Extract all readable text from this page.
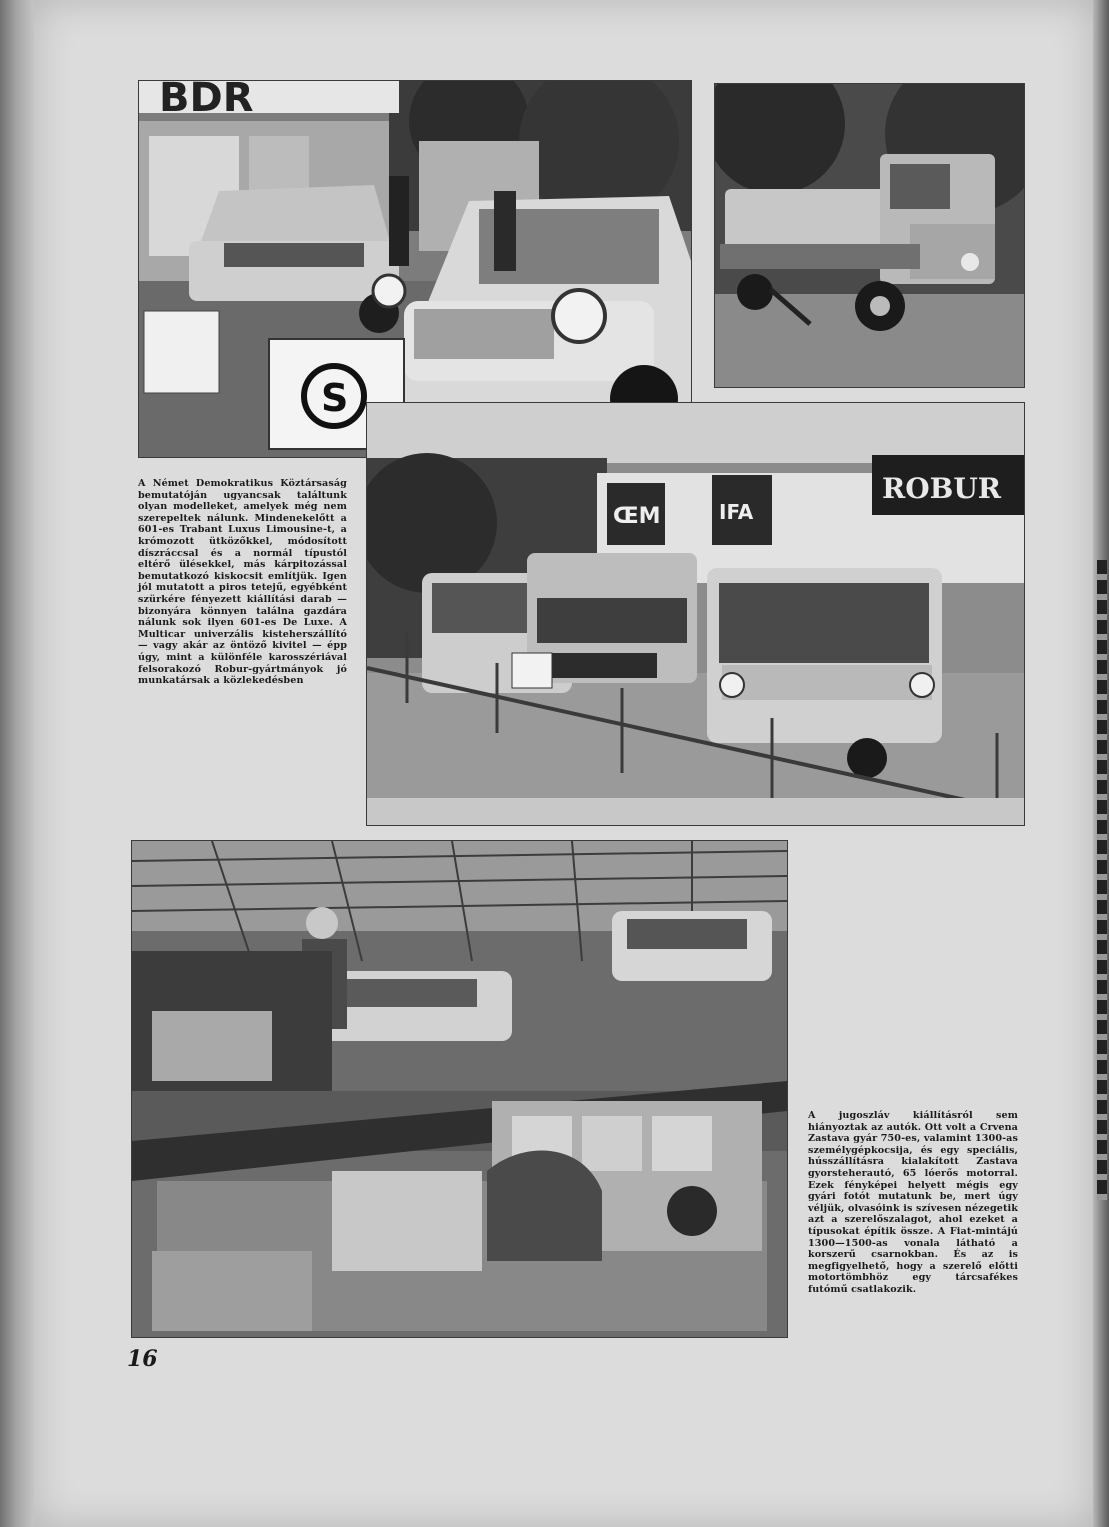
BDR
S
ŒM	IFA
ROBUR
A Német Demokratikus Köztársaság bemutatóján ugyancsak találtunk olyan modelleket, amelyek még nem szerepeltek nálunk. Mindenekelőtt a 601-es Trabant Luxus Limousine-t, a krómozott ütközőkkel, módosított díszráccsal és a normál típustól eltérő ülésekkel, más kárpitozással bemutatkozó kiskocsit említjük. Igen jól mutatott a piros tetejű, egyébként szürkére fényezett kiállítási darab — bizonyára könnyen találna gazdára nálunk sok ilyen 601-es De Luxe. A Multicar univerzális kisteherszállító — vagy akár az öntöző kivitel — épp úgy, mint a különféle karosszériával felsorakozó Robur-gyártmányok jó munkatársak a közlekedésben
A jugoszláv kiállításról sem hiányoztak az autók. Ott volt a Crvena Zastava gyár 750-es, valamint 1300-as személygépkocsija, és egy speciális, hússzállításra kialakított Zastava gyorsteherautó, 65 lóerős motorral. Ezek fényképei helyett mégis egy gyári fotót mutatunk be, mert úgy véljük, olvasóink is szívesen nézegetik azt a szerelőszalagot, ahol ezeket a típusokat építik össze. A Fiat-mintájú 1300—1500-as vonala látható a korszerű csarnokban. És az is megfigyelhető, hogy a szerelő előtti motortömbhöz egy tárcsafékes futómű csatlakozik.
16
